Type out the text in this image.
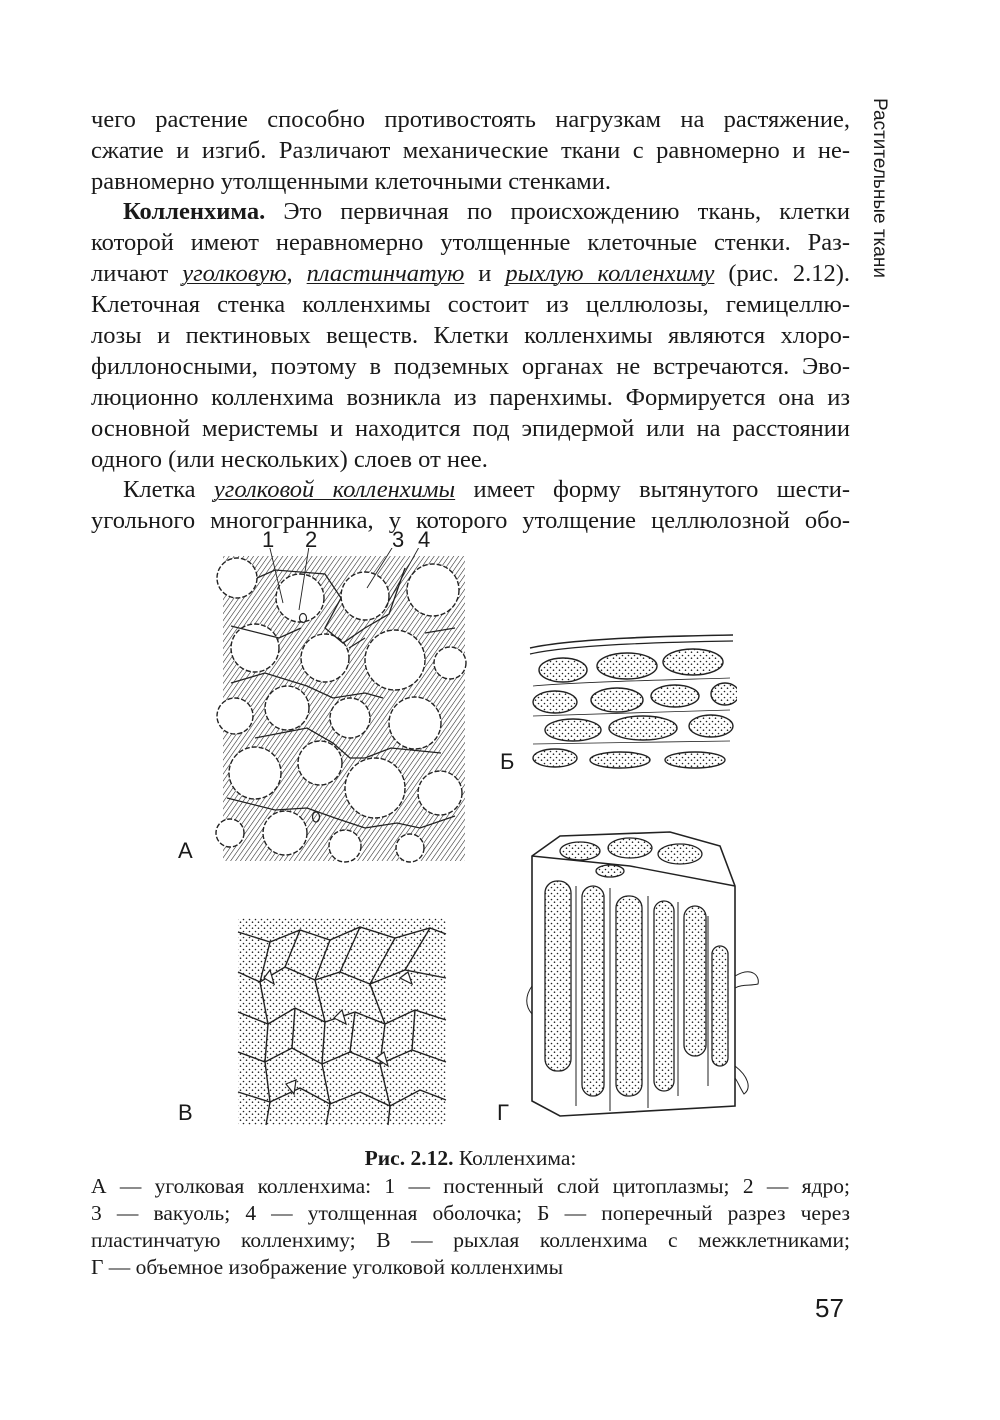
Растительные ткани
чего растение способно противостоять нагрузкам на растяжение,
сжатие и изгиб. Различают механические ткани с равномерно и не-
равномерно утолщенными клеточными стенками.
Колленхима. Это первичная по происхождению ткань, клетки
которой имеют неравномерно утолщенные клеточные стенки. Раз-
личают уголковую, пластинчатую и рыхлую колленхиму (рис. 2.12).
Клеточная стенка колленхимы состоит из целлюлозы, гемицеллю-
лозы и пектиновых веществ. Клетки колленхимы являются хлоро-
филлоносными, поэтому в подземных органах не встречаются. Эво-
люционно колленхима возникла из паренхимы. Формируется она из
основной меристемы и находится под эпидермой или на расстоянии
одного (или нескольких) слоев от нее.
Клетка уголковой колленхимы имеет форму вытянутого шести-
угольного многогранника, у которого утолщение целлюлозной обо-
1 2	3 4
А
Б
В	Г
Рис. 2.12. Колленхима:
А — уголковая колленхима: 1 — постенный слой цитоплазмы; 2 — ядро;
3 — вакуоль; 4 — утолщенная оболочка; Б — поперечный разрез через
пластинчатую колленхиму; В — рыхлая колленхима с межклетниками;
Г — объемное изображение уголковой колленхимы
57
